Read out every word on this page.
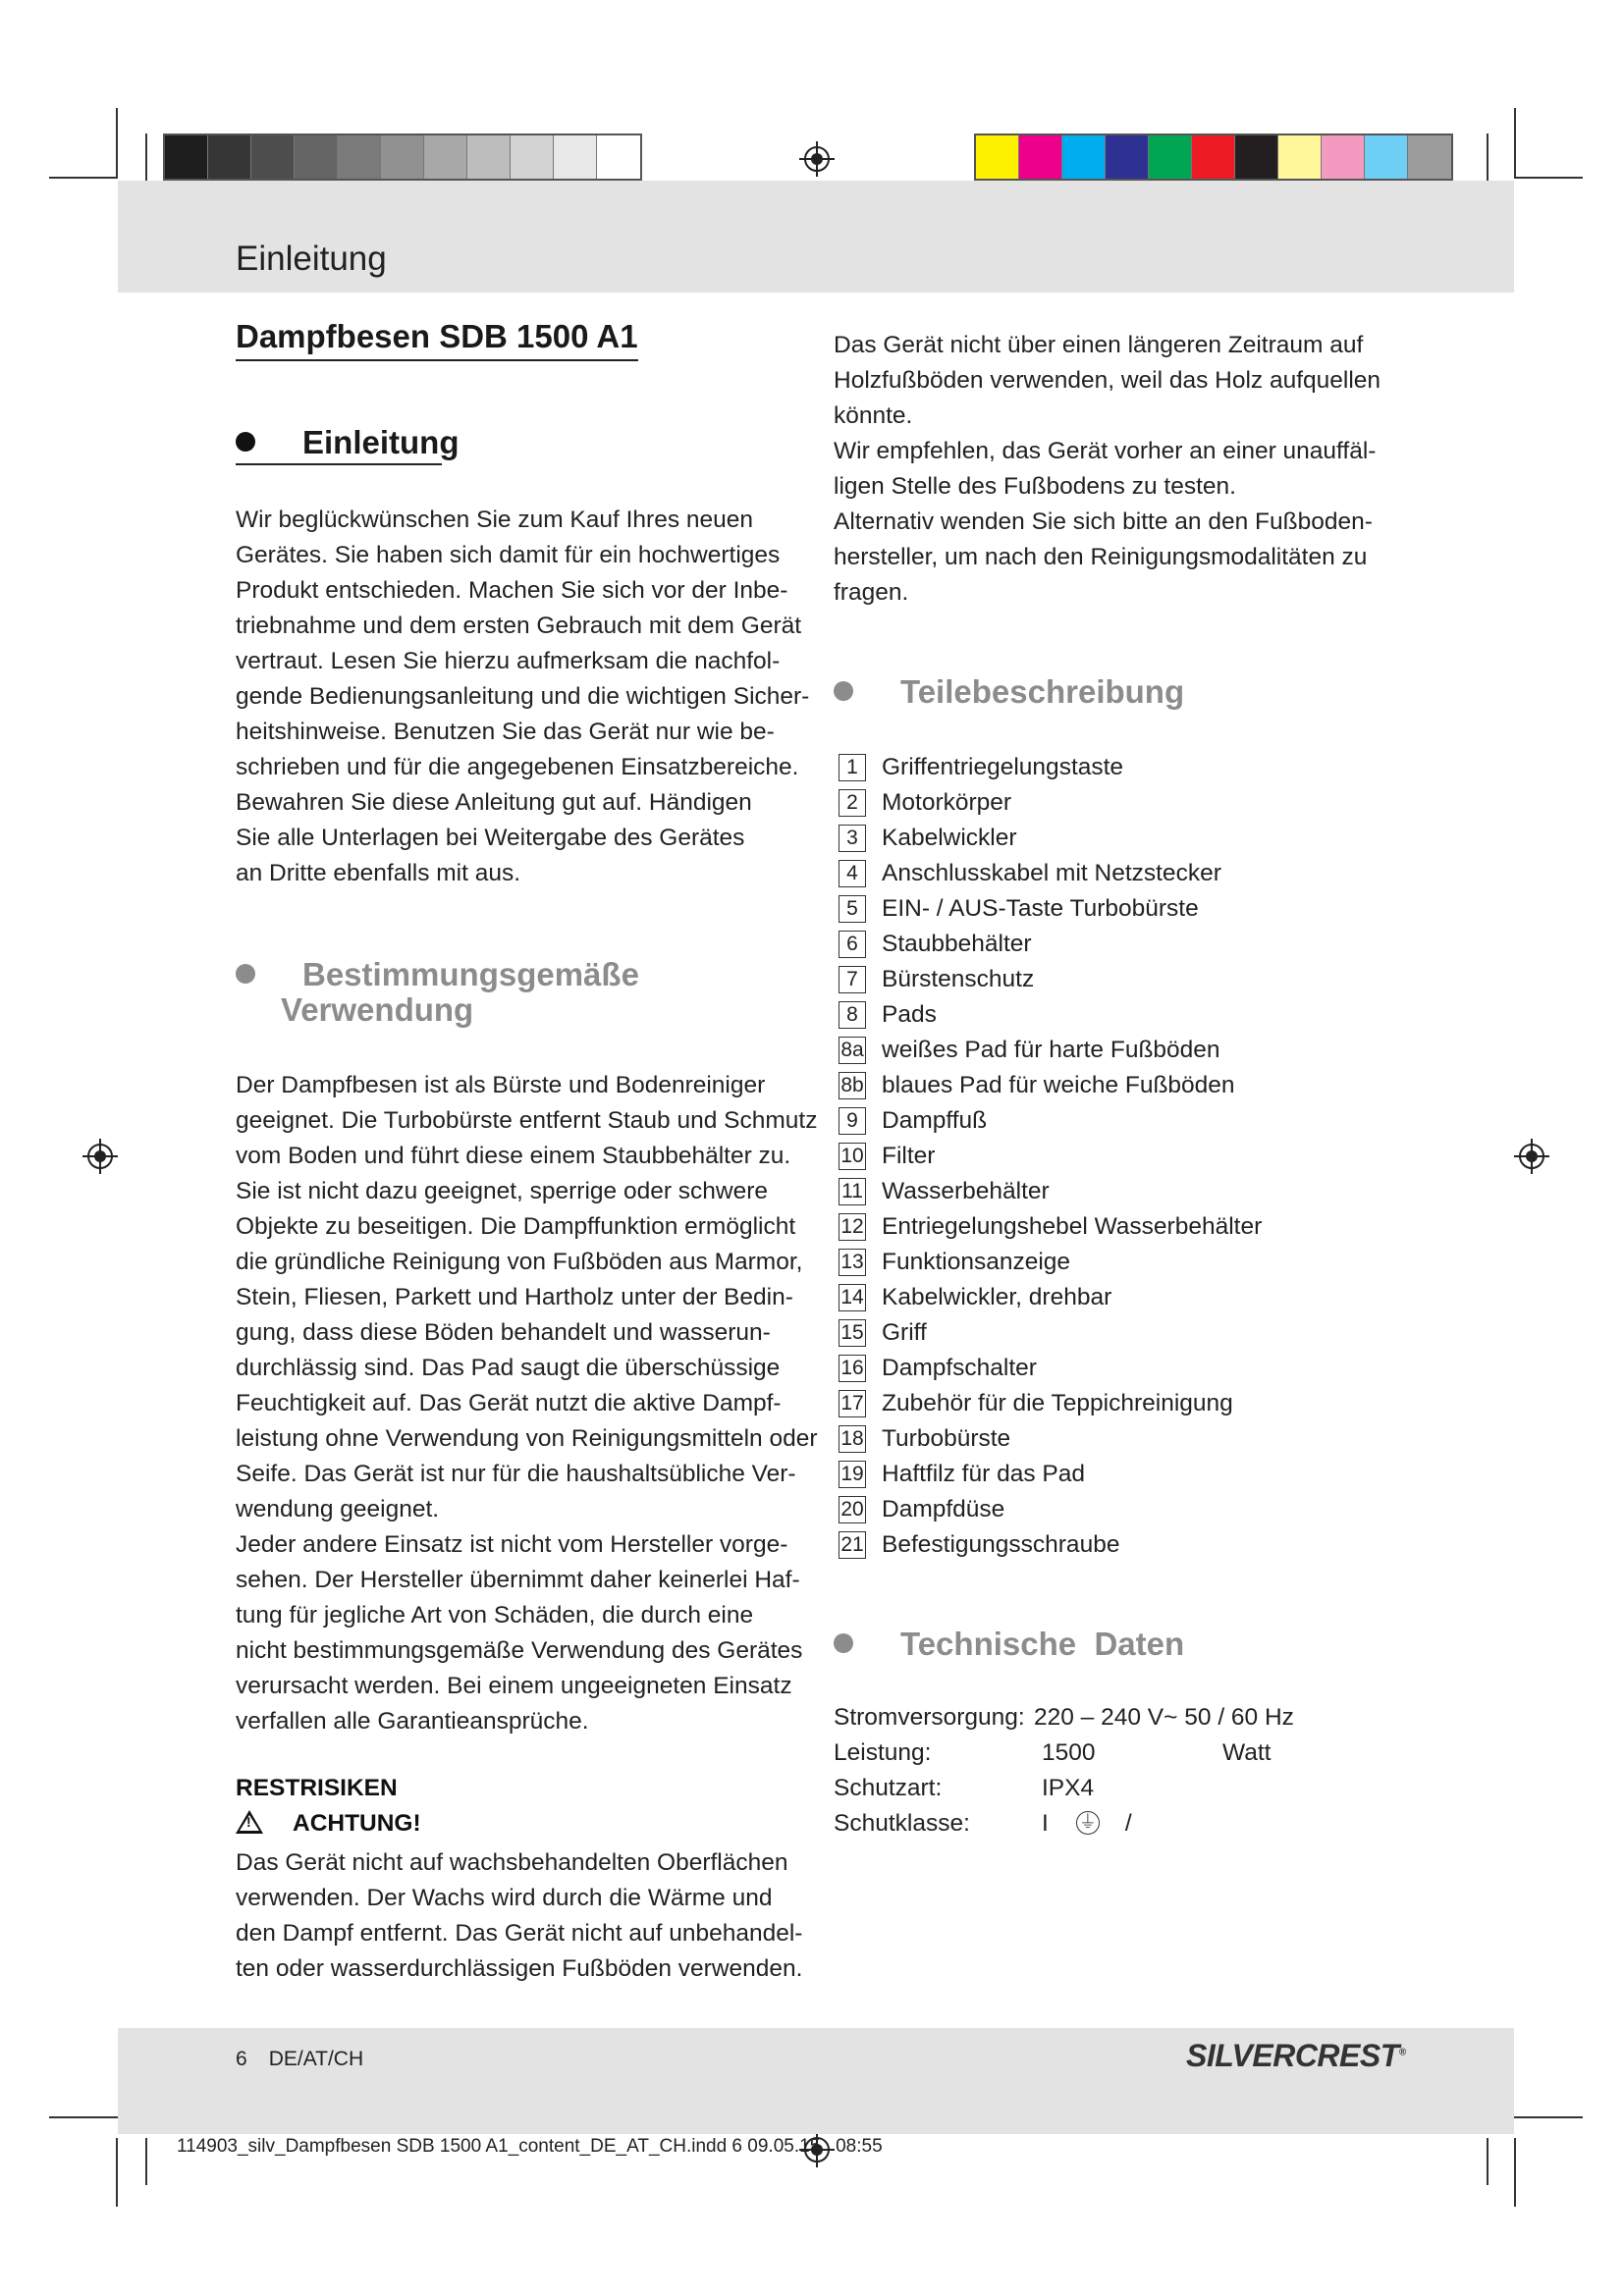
Einleitung
Dampfbesen SDB 1500 A1
Einleitung
Wir beglückwünschen Sie zum Kauf Ihres neuen
Gerätes. Sie haben sich damit für ein hochwertiges
Produkt entschieden. Machen Sie sich vor der Inbe-
triebnahme und dem ersten Gebrauch mit dem Gerät
vertraut. Lesen Sie hierzu aufmerksam die nachfol-
gende Bedienungsanleitung und die wichtigen Sicher-
heitshinweise. Benutzen Sie das Gerät nur wie be-
schrieben und für die angegebenen Einsatzbereiche.
Bewahren Sie diese Anleitung gut auf. Händigen
Sie alle Unterlagen bei Weitergabe des Gerätes
an Dritte ebenfalls mit aus.
Bestimmungsgemäße
Verwendung
Der Dampfbesen ist als Bürste und Bodenreiniger
geeignet. Die Turbobürste entfernt Staub und Schmutz
vom Boden und führt diese einem Staubbehälter zu.
Sie ist nicht dazu geeignet, sperrige oder schwere
Objekte zu beseitigen. Die Dampffunktion ermöglicht
die gründliche Reinigung von Fußböden aus Marmor,
Stein, Fliesen, Parkett und Hartholz unter der Bedin-
gung, dass diese Böden behandelt und wasserun-
durchlässig sind. Das Pad saugt die überschüssige
Feuchtigkeit auf. Das Gerät nutzt die aktive Dampf-
leistung ohne Verwendung von Reinigungsmitteln oder
Seife. Das Gerät ist nur für die haushaltsübliche Ver-
wendung geeignet.
Jeder andere Einsatz ist nicht vom Hersteller vorge-
sehen. Der Hersteller übernimmt daher keinerlei Haf-
tung für jegliche Art von Schäden, die durch eine
nicht bestimmungsgemäße Verwendung des Gerätes
verursacht werden. Bei einem ungeeigneten Einsatz
verfallen alle Garantieansprüche.
RESTRISIKEN
!ACHTUNG!
Das Gerät nicht auf wachsbehandelten Oberflächen
verwenden. Der Wachs wird durch die Wärme und
den Dampf entfernt. Das Gerät nicht auf unbehandel-
ten oder wasserdurchlässigen Fußböden verwenden.
Das Gerät nicht über einen längeren Zeitraum auf
Holzfußböden verwenden, weil das Holz aufquellen
könnte.
Wir empfehlen, das Gerät vorher an einer unauffäl-
ligen Stelle des Fußbodens zu testen.
Alternativ wenden Sie sich bitte an den Fußboden-
hersteller, um nach den Reinigungsmodalitäten zu
fragen.
Teilebeschreibung
1 Griffentriegelungstaste
2 Motorkörper
3 Kabelwickler
4 Anschlusskabel mit Netzstecker
5 EIN- / AUS-Taste Turbobürste
6 Staubbehälter
7 Bürstenschutz
8 Pads
8a weißes Pad für harte Fußböden
8b blaues Pad für weiche Fußböden
9 Dampffuß
10 Filter
11 Wasserbehälter
12 Entriegelungshebel Wasserbehälter
13 Funktionsanzeige
14 Kabelwickler, drehbar
15 Griff
16 Dampfschalter
17 Zubehör für die Teppichreinigung
18 Turbobürste
19 Haftfilz für das Pad
20 Dampfdüse
21 Befestigungsschraube
Technische Daten
Stromversorgung: 220 – 240 V~ 50 / 60 Hz
Leistung:	1500	Watt
Schutzart:	IPX4
Schutklasse:	I⏚	/
6 DE/AT/CH	SILVERCREST®
114903_silv_Dampfbesen SDB 1500 A1_content_DE_AT_CH.indd 6 09.05.15 08:55
